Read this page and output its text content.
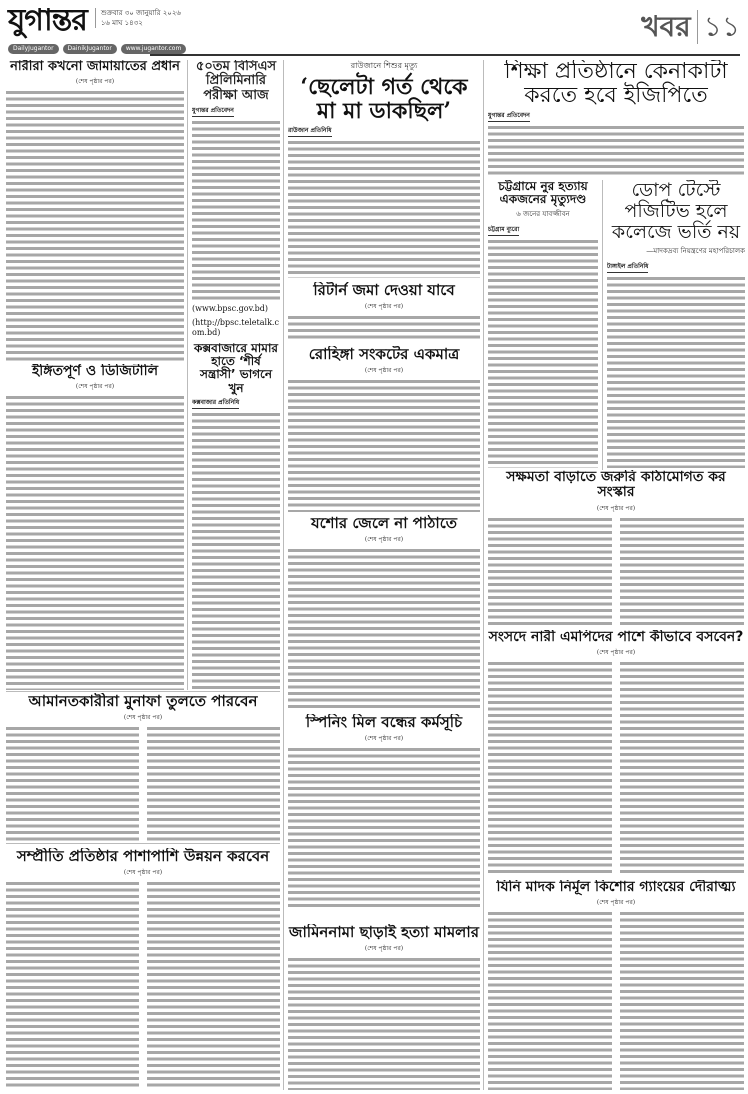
যুগান্তর শুক্রবার ৩০ জানুয়ারি ২০২৬
১৬ মাঘ ১৪৩২
DailyJugantor	DainikJugantor	www.jugantor.com
খবর ১১
নারীরা কখনো জামায়াতের প্রধান
(শেষ পৃষ্ঠার পর)
ইঙ্গিতপূর্ণ ও ডিজিটালি
(শেষ পৃষ্ঠার পর)
আমানতকারীরা মুনাফা তুলতে পারবেন
(শেষ পৃষ্ঠার পর)
সম্প্রীতি প্রতিষ্ঠার পাশাপাশি উন্নয়ন করবেন
(শেষ পৃষ্ঠার পর)
৫০তম বিসিএস প্রিলিমিনারি পরীক্ষা আজ
যুগান্তর প্রতিবেদন
(www.bpsc.gov.bd)
(http://bpsc.teletalk.com.bd)
কক্সবাজারে মামার হাতে ‘শীর্ষ সন্ত্রাসী’ ভাগনে খুন
কক্সবাজার প্রতিনিধি
রাউজানে শিশুর মৃত্যু
‘ছেলেটা গর্ত থেকে মা মা ডাকছিল’
রাউজান প্রতিনিধি
রিটার্ন জমা দেওয়া যাবে
(শেষ পৃষ্ঠার পর)
রোহিঙ্গা সংকটের একমাত্র
(শেষ পৃষ্ঠার পর)
যশোর জেলে না পাঠাতে
(শেষ পৃষ্ঠার পর)
স্পিনিং মিল বন্ধের কর্মসূচি
(শেষ পৃষ্ঠার পর)
জামিননামা ছাড়াই হত্যা মামলার
(শেষ পৃষ্ঠার পর)
শিক্ষা প্রতিষ্ঠানে কেনাকাটা করতে হবে ইজিপিতে
যুগান্তর প্রতিবেদন
চট্টগ্রামে নুর হত্যায় একজনের মৃত্যুদণ্ড
৬ জনের যাবজ্জীবন
চট্টগ্রাম ব্যুরো
ডোপ টেস্টে পজিটিভ হলে কলেজে ভর্তি নয়
—মাদকদ্রব্য নিয়ন্ত্রণের মহাপরিচালক
টাঙ্গাইল প্রতিনিধি
সক্ষমতা বাড়াতে জরুরি কাঠামোগত কর সংস্কার
(শেষ পৃষ্ঠার পর)
সংসদে নারী এমপিদের পাশে কীভাবে বসবেন?
(শেষ পৃষ্ঠার পর)
যিনি মাদক নির্মূল কিশোর গ্যাংয়ের দৌরাত্ম্য
(শেষ পৃষ্ঠার পর)
